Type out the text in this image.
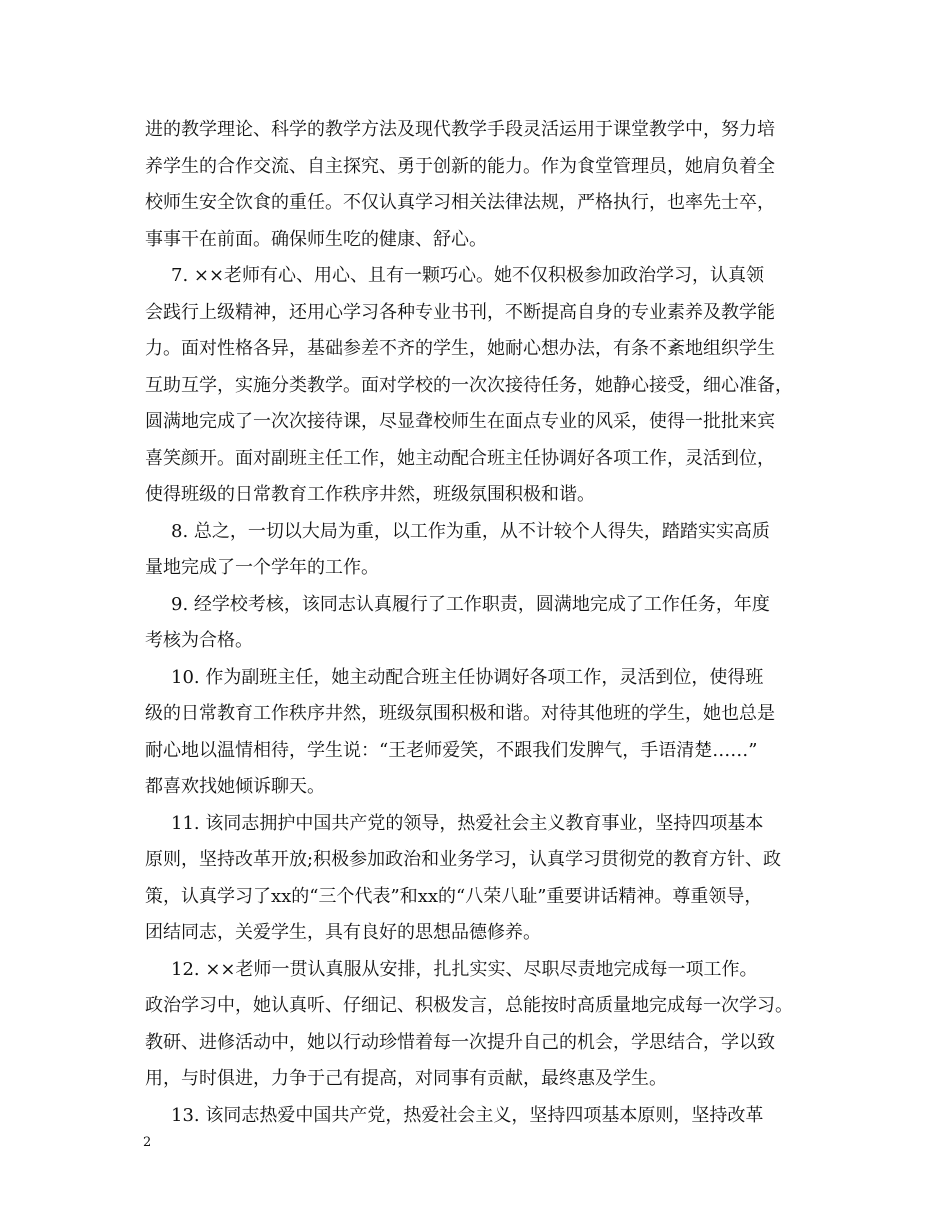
进的教学理论、科学的教学方法及现代教学手段灵活运用于课堂教学中，努力培
养学生的合作交流、自主探究、勇于创新的能力。作为食堂管理员，她肩负着全
校师生安全饮食的重任。不仅认真学习相关法律法规，严格执行，也率先士卒，
事事干在前面。确保师生吃的健康、舒心。
7. ××老师有心、用心、且有一颗巧心。她不仅积极参加政治学习，认真领
会践行上级精神，还用心学习各种专业书刊，不断提高自身的专业素养及教学能
力。面对性格各异，基础参差不齐的学生，她耐心想办法，有条不紊地组织学生
互助互学，实施分类教学。面对学校的一次次接待任务，她静心接受，细心准备，
圆满地完成了一次次接待课，尽显聋校师生在面点专业的风采，使得一批批来宾
喜笑颜开。面对副班主任工作，她主动配合班主任协调好各项工作，灵活到位，
使得班级的日常教育工作秩序井然，班级氛围积极和谐。
8. 总之，一切以大局为重，以工作为重，从不计较个人得失，踏踏实实高质
量地完成了一个学年的工作。
9. 经学校考核，该同志认真履行了工作职责，圆满地完成了工作任务，年度
考核为合格。
10. 作为副班主任，她主动配合班主任协调好各项工作，灵活到位，使得班
级的日常教育工作秩序井然，班级氛围积极和谐。对待其他班的学生，她也总是
耐心地以温情相待，学生说：“王老师爱笑，不跟我们发脾气，手语清楚……”
都喜欢找她倾诉聊天。
11. 该同志拥护中国共产党的领导，热爱社会主义教育事业，坚持四项基本
原则，坚持改革开放;积极参加政治和业务学习，认真学习贯彻党的教育方针、政
策，认真学习了xx的“三个代表”和xx的“八荣八耻”重要讲话精神。尊重领导，
团结同志，关爱学生，具有良好的思想品德修养。
12. ××老师一贯认真服从安排，扎扎实实、尽职尽责地完成每一项工作。
政治学习中，她认真听、仔细记、积极发言，总能按时高质量地完成每一次学习。
教研、进修活动中，她以行动珍惜着每一次提升自己的机会，学思结合，学以致
用，与时俱进，力争于己有提高，对同事有贡献，最终惠及学生。
13. 该同志热爱中国共产党，热爱社会主义，坚持四项基本原则，坚持改革
2
